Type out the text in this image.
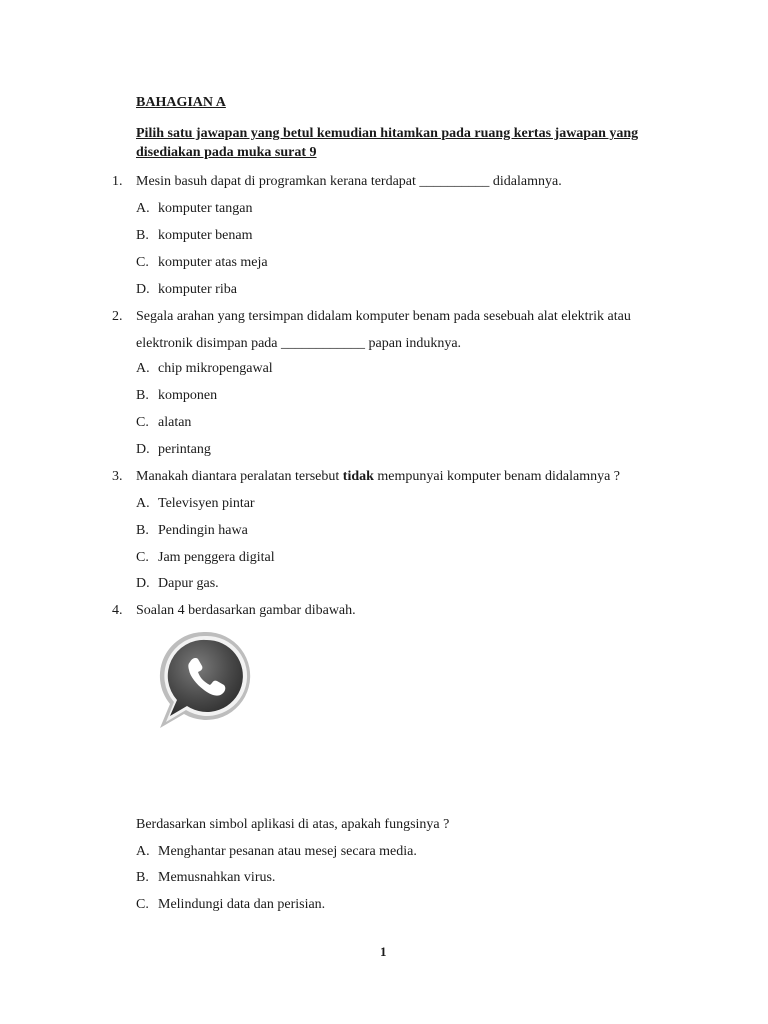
BAHAGIAN A
Pilih satu jawapan yang betul kemudian hitamkan pada ruang kertas jawapan yang
disediakan pada muka surat 9
1. Mesin basuh dapat di programkan kerana terdapat __________ didalamnya.
A. komputer tangan
B. komputer benam
C. komputer atas meja
D. komputer riba
2. Segala arahan yang tersimpan didalam komputer benam pada sesebuah alat elektrik atau
elektronik disimpan pada ____________ papan induknya.
A. chip mikropengawal
B. komponen
C. alatan
D. perintang
3. Manakah diantara peralatan tersebut tidak mempunyai komputer benam didalamnya ?
A. Televisyen pintar
B. Pendingin hawa
C. Jam penggera digital
D. Dapur gas.
4. Soalan 4 berdasarkan gambar dibawah.
Berdasarkan simbol aplikasi di atas, apakah fungsinya ?
A. Menghantar pesanan atau mesej secara media.
B. Memusnahkan virus.
C. Melindungi data dan perisian.
1
